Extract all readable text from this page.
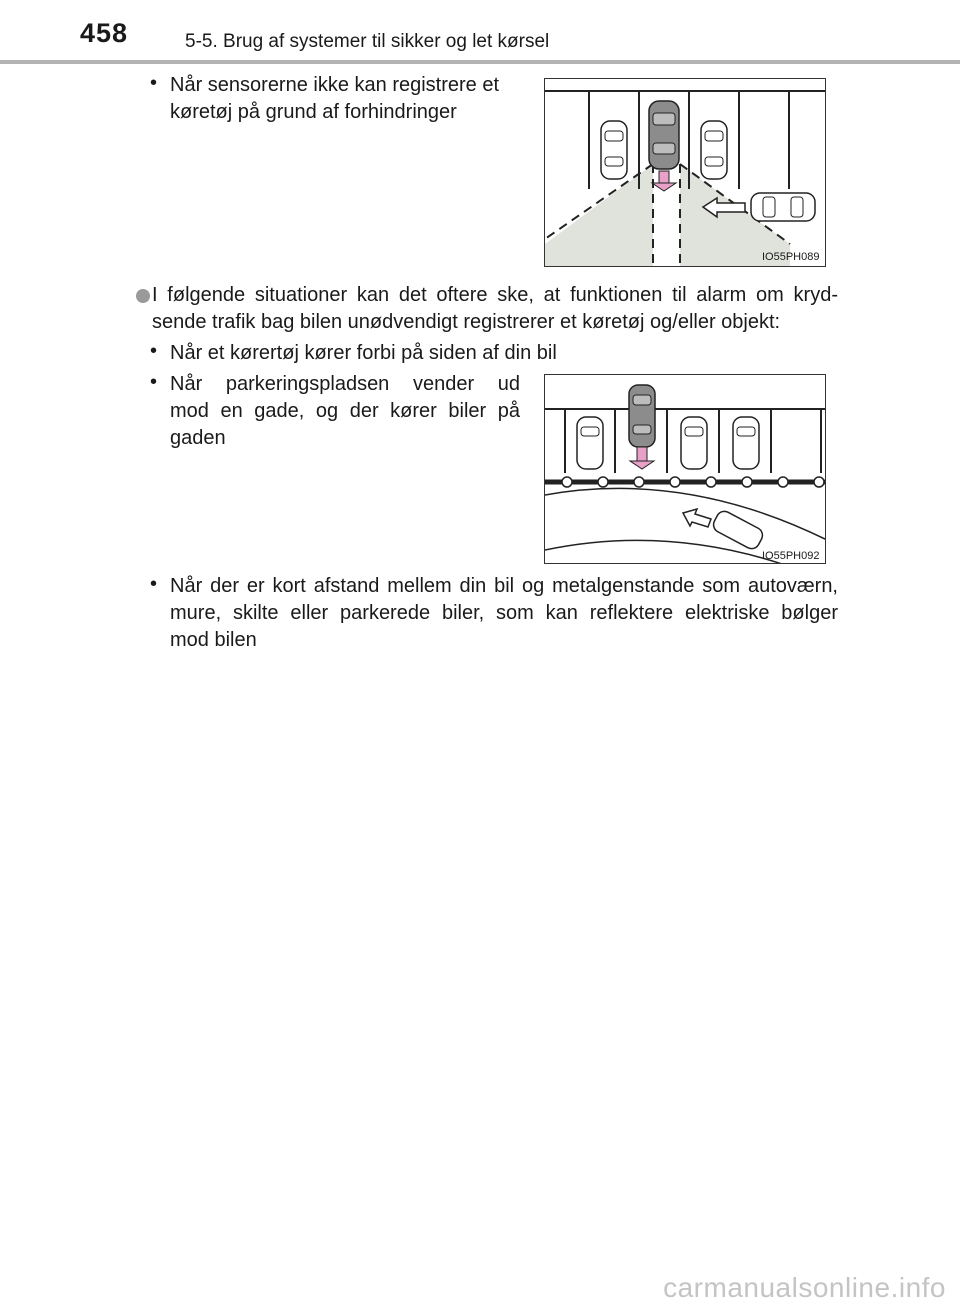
458	5-5. Brug af systemer til sikker og let kørsel
• Når sensorerne ikke kan registrere et
køretøj på grund af forhindringer
IO55PH089
I følgende situationer kan det oftere ske, at funktionen til alarm om kryd-
sende trafik bag bilen unødvendigt registrerer et køretøj og/eller objekt:
• Når et kørertøj kører forbi på siden af din bil
• Når parkeringspladsen vender ud
mod en gade, og der kører biler på
gaden
IO55PH092
• Når der er kort afstand mellem din bil og metalgenstande som autoværn,
mure, skilte eller parkerede biler, som kan reflektere elektriske bølger
mod bilen
carmanualsonline.info
